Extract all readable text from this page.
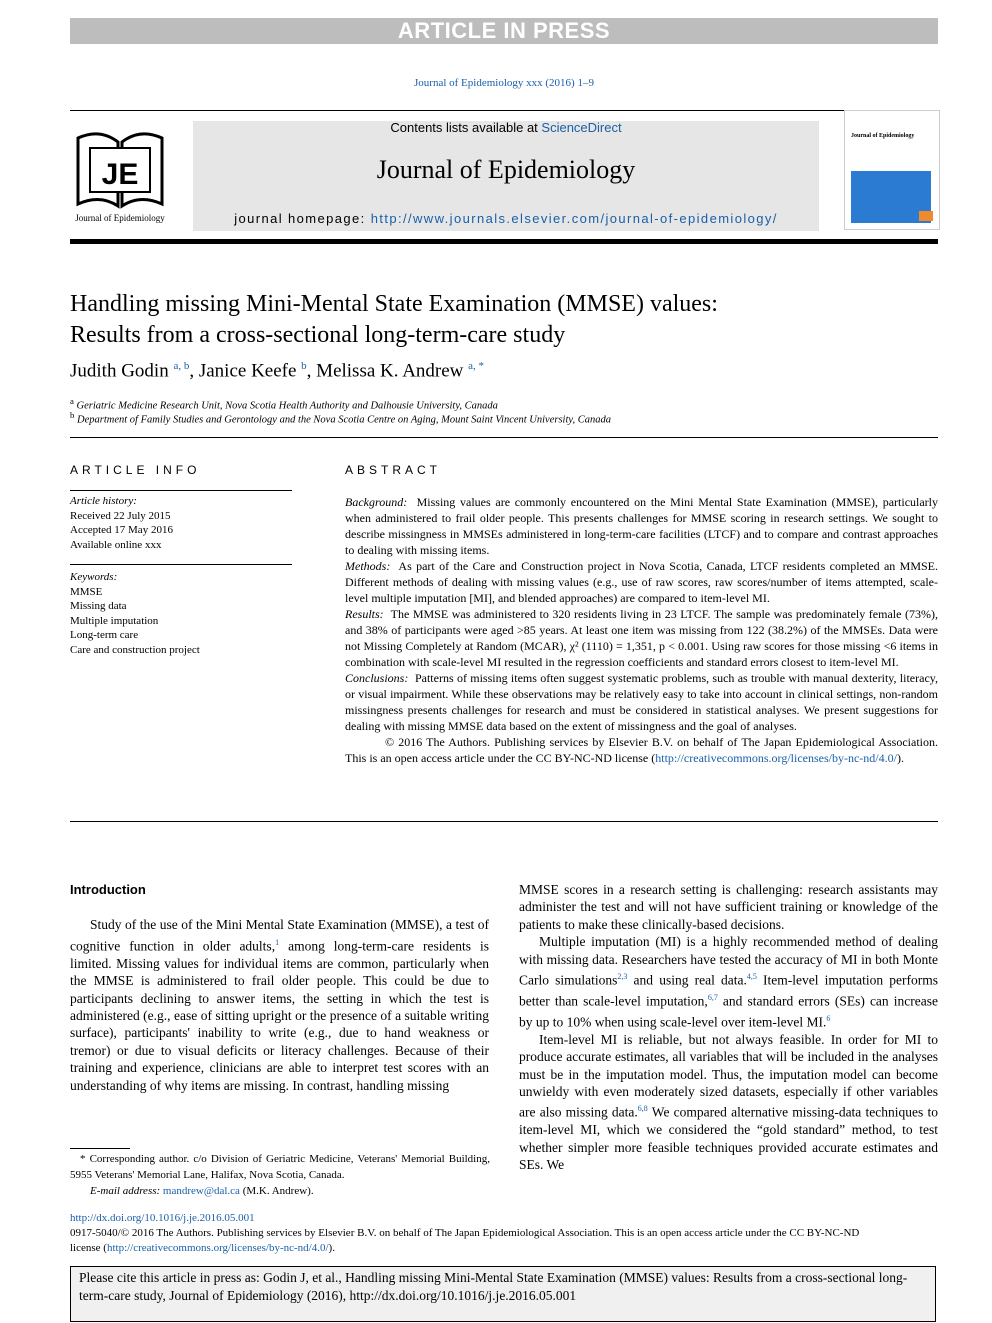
ARTICLE IN PRESS
Journal of Epidemiology xxx (2016) 1–9
JE
Journal of Epidemiology
Contents lists available at ScienceDirect
Journal of Epidemiology
journal homepage: http://www.journals.elsevier.com/journal-of-epidemiology/
Journal of Epidemiology
Handling missing Mini-Mental State Examination (MMSE) values:
Results from a cross-sectional long-term-care study
Judith Godin $^{a, b}$, Janice Keefe $^b$, Melissa K. Andrew $^{a, *}$
$^a$ Geriatric Medicine Research Unit, Nova Scotia Health Authority and Dalhousie University, Canada
$^b$ Department of Family Studies and Gerontology and the Nova Scotia Centre on Aging, Mount Saint Vincent University, Canada
ARTICLE INFO
Article history:
Received 22 July 2015
Accepted 17 May 2016
Available online xxx
Keywords:
MMSE
Missing data
Multiple imputation
Long-term care
Care and construction project
ABSTRACT

Background: Missing values are commonly encountered on the Mini Mental State Examination (MMSE), particularly when administered to frail older people. This presents challenges for MMSE scoring in research settings. We sought to describe missingness in MMSEs administered in long-term-care facilities (LTCF) and to compare and contrast approaches to dealing with missing items.

Methods: As part of the Care and Construction project in Nova Scotia, Canada, LTCF residents completed an MMSE. Different methods of dealing with missing values (e.g., use of raw scores, raw scores/number of items attempted, scale-level multiple imputation [MI], and blended approaches) are compared to item-level MI.

Results: The MMSE was administered to 320 residents living in 23 LTCF. The sample was predominately female (73%), and 38% of participants were aged >85 years. At least one item was missing from 122 (38.2%) of the MMSEs. Data were not Missing Completely at Random (MCAR), χ² (1110) = 1,351, p < 0.001. Using raw scores for those missing <6 items in combination with scale-level MI resulted in the regression coefficients and standard errors closest to item-level MI.

Conclusions: Patterns of missing items often suggest systematic problems, such as trouble with manual dexterity, literacy, or visual impairment. While these observations may be relatively easy to take into account in clinical settings, non-random missingness presents challenges for research and must be considered in statistical analyses. We present suggestions for dealing with missing MMSE data based on the extent of missingness and the goal of analyses.

© 2016 The Authors. Publishing services by Elsevier B.V. on behalf of The Japan Epidemiological Association. This is an open access article under the CC BY-NC-ND license (http://creativecommons.org/licenses/by-nc-nd/4.0/).

Introduction

Study of the use of the Mini Mental State Examination (MMSE), a test of cognitive function in older adults,$^1$ among long-term-care residents is limited. Missing values for individual items are common, particularly when the MMSE is administered to frail older people. This could be due to participants declining to answer items, the setting in which the test is administered (e.g., ease of sitting upright or the presence of a suitable writing surface), participants' inability to write (e.g., due to hand weakness or tremor) or due to visual deficits or literacy challenges. Because of their training and experience, clinicians are able to interpret test scores with an understanding of why items are missing. In contrast, handling missing

MMSE scores in a research setting is challenging: research assistants may administer the test and will not have sufficient training or knowledge of the patients to make these clinically-based decisions.

Multiple imputation (MI) is a highly recommended method of dealing with missing data. Researchers have tested the accuracy of MI in both Monte Carlo simulations$^{2,3}$ and using real data.$^{4,5}$ Item-level imputation performs better than scale-level imputation,$^{6,7}$ and standard errors (SEs) can increase by up to 10% when using scale-level over item-level MI.$^6$

Item-level MI is reliable, but not always feasible. In order for MI to produce accurate estimates, all variables that will be included in the analyses must be in the imputation model. Thus, the imputation model can become unwieldy with even moderately sized datasets, especially if other variables are also missing data.$^{6,8}$ We compared alternative missing-data techniques to item-level MI, which we considered the “gold standard” method, to test whether simpler more feasible techniques provided accurate estimates and SEs. We

* Corresponding author. c/o Division of Geriatric Medicine, Veterans' Memorial Building, 5955 Veterans' Memorial Lane, Halifax, Nova Scotia, Canada.
E-mail address: mandrew@dal.ca (M.K. Andrew).
http://dx.doi.org/10.1016/j.je.2016.05.001
0917-5040/© 2016 The Authors. Publishing services by Elsevier B.V. on behalf of The Japan Epidemiological Association. This is an open access article under the CC BY-NC-ND
license (http://creativecommons.org/licenses/by-nc-nd/4.0/).
Please cite this article in press as: Godin J, et al., Handling missing Mini-Mental State Examination (MMSE) values: Results from a cross-sectional long-term-care study, Journal of Epidemiology (2016), http://dx.doi.org/10.1016/j.je.2016.05.001
